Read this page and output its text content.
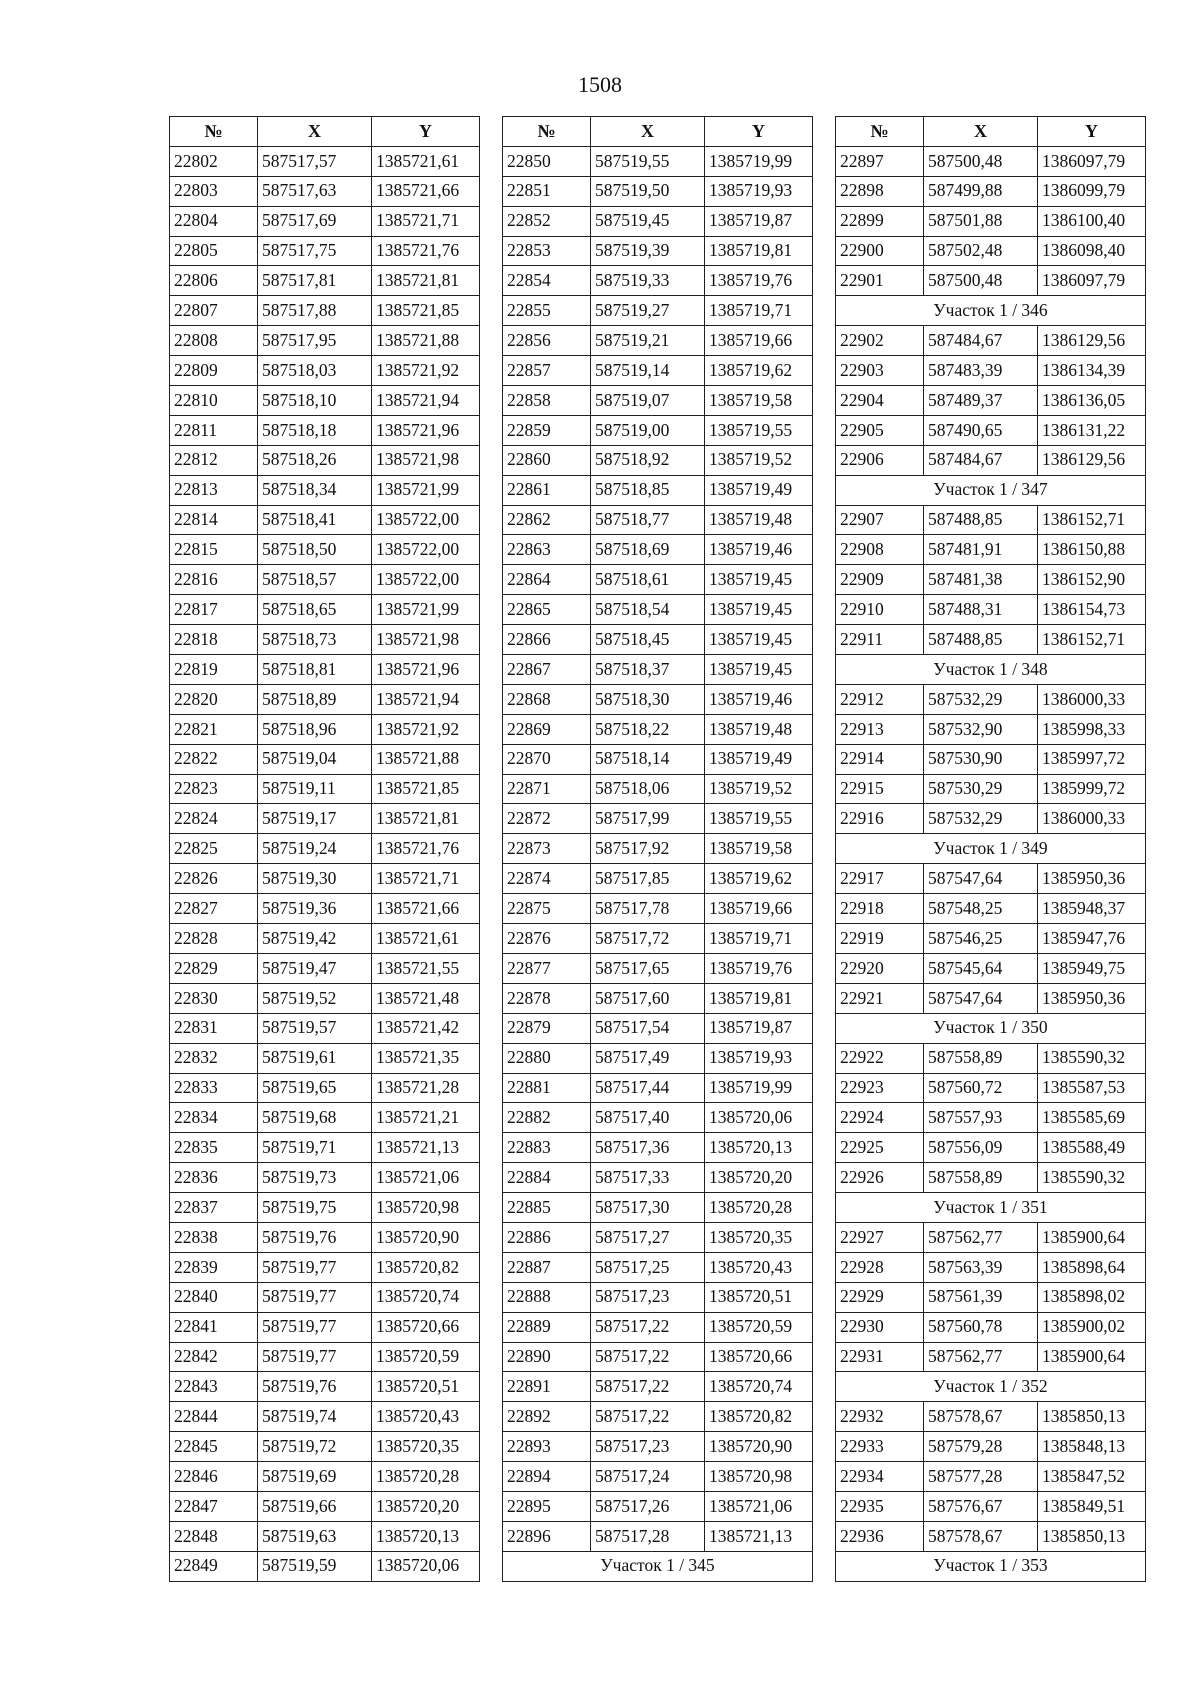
1508
№	X	Y
22802	587517,57	1385721,61
22803	587517,63	1385721,66
22804	587517,69	1385721,71
22805	587517,75	1385721,76
22806	587517,81	1385721,81
22807	587517,88	1385721,85
22808	587517,95	1385721,88
22809	587518,03	1385721,92
22810	587518,10	1385721,94
22811	587518,18	1385721,96
22812	587518,26	1385721,98
22813	587518,34	1385721,99
22814	587518,41	1385722,00
22815	587518,50	1385722,00
22816	587518,57	1385722,00
22817	587518,65	1385721,99
22818	587518,73	1385721,98
22819	587518,81	1385721,96
22820	587518,89	1385721,94
22821	587518,96	1385721,92
22822	587519,04	1385721,88
22823	587519,11	1385721,85
22824	587519,17	1385721,81
22825	587519,24	1385721,76
22826	587519,30	1385721,71
22827	587519,36	1385721,66
22828	587519,42	1385721,61
22829	587519,47	1385721,55
22830	587519,52	1385721,48
22831	587519,57	1385721,42
22832	587519,61	1385721,35
22833	587519,65	1385721,28
22834	587519,68	1385721,21
22835	587519,71	1385721,13
22836	587519,73	1385721,06
22837	587519,75	1385720,98
22838	587519,76	1385720,90
22839	587519,77	1385720,82
22840	587519,77	1385720,74
22841	587519,77	1385720,66
22842	587519,77	1385720,59
22843	587519,76	1385720,51
22844	587519,74	1385720,43
22845	587519,72	1385720,35
22846	587519,69	1385720,28
22847	587519,66	1385720,20
22848	587519,63	1385720,13
22849	587519,59	1385720,06
№	X	Y
22850	587519,55	1385719,99
22851	587519,50	1385719,93
22852	587519,45	1385719,87
22853	587519,39	1385719,81
22854	587519,33	1385719,76
22855	587519,27	1385719,71
22856	587519,21	1385719,66
22857	587519,14	1385719,62
22858	587519,07	1385719,58
22859	587519,00	1385719,55
22860	587518,92	1385719,52
22861	587518,85	1385719,49
22862	587518,77	1385719,48
22863	587518,69	1385719,46
22864	587518,61	1385719,45
22865	587518,54	1385719,45
22866	587518,45	1385719,45
22867	587518,37	1385719,45
22868	587518,30	1385719,46
22869	587518,22	1385719,48
22870	587518,14	1385719,49
22871	587518,06	1385719,52
22872	587517,99	1385719,55
22873	587517,92	1385719,58
22874	587517,85	1385719,62
22875	587517,78	1385719,66
22876	587517,72	1385719,71
22877	587517,65	1385719,76
22878	587517,60	1385719,81
22879	587517,54	1385719,87
22880	587517,49	1385719,93
22881	587517,44	1385719,99
22882	587517,40	1385720,06
22883	587517,36	1385720,13
22884	587517,33	1385720,20
22885	587517,30	1385720,28
22886	587517,27	1385720,35
22887	587517,25	1385720,43
22888	587517,23	1385720,51
22889	587517,22	1385720,59
22890	587517,22	1385720,66
22891	587517,22	1385720,74
22892	587517,22	1385720,82
22893	587517,23	1385720,90
22894	587517,24	1385720,98
22895	587517,26	1385721,06
22896	587517,28	1385721,13
Участок 1 / 345		
№	X	Y
22897	587500,48	1386097,79
22898	587499,88	1386099,79
22899	587501,88	1386100,40
22900	587502,48	1386098,40
22901	587500,48	1386097,79
Участок 1 / 346		
22902	587484,67	1386129,56
22903	587483,39	1386134,39
22904	587489,37	1386136,05
22905	587490,65	1386131,22
22906	587484,67	1386129,56
Участок 1 / 347		
22907	587488,85	1386152,71
22908	587481,91	1386150,88
22909	587481,38	1386152,90
22910	587488,31	1386154,73
22911	587488,85	1386152,71
Участок 1 / 348		
22912	587532,29	1386000,33
22913	587532,90	1385998,33
22914	587530,90	1385997,72
22915	587530,29	1385999,72
22916	587532,29	1386000,33
Участок 1 / 349		
22917	587547,64	1385950,36
22918	587548,25	1385948,37
22919	587546,25	1385947,76
22920	587545,64	1385949,75
22921	587547,64	1385950,36
Участок 1 / 350		
22922	587558,89	1385590,32
22923	587560,72	1385587,53
22924	587557,93	1385585,69
22925	587556,09	1385588,49
22926	587558,89	1385590,32
Участок 1 / 351		
22927	587562,77	1385900,64
22928	587563,39	1385898,64
22929	587561,39	1385898,02
22930	587560,78	1385900,02
22931	587562,77	1385900,64
Участок 1 / 352		
22932	587578,67	1385850,13
22933	587579,28	1385848,13
22934	587577,28	1385847,52
22935	587576,67	1385849,51
22936	587578,67	1385850,13
Участок 1 / 353		
